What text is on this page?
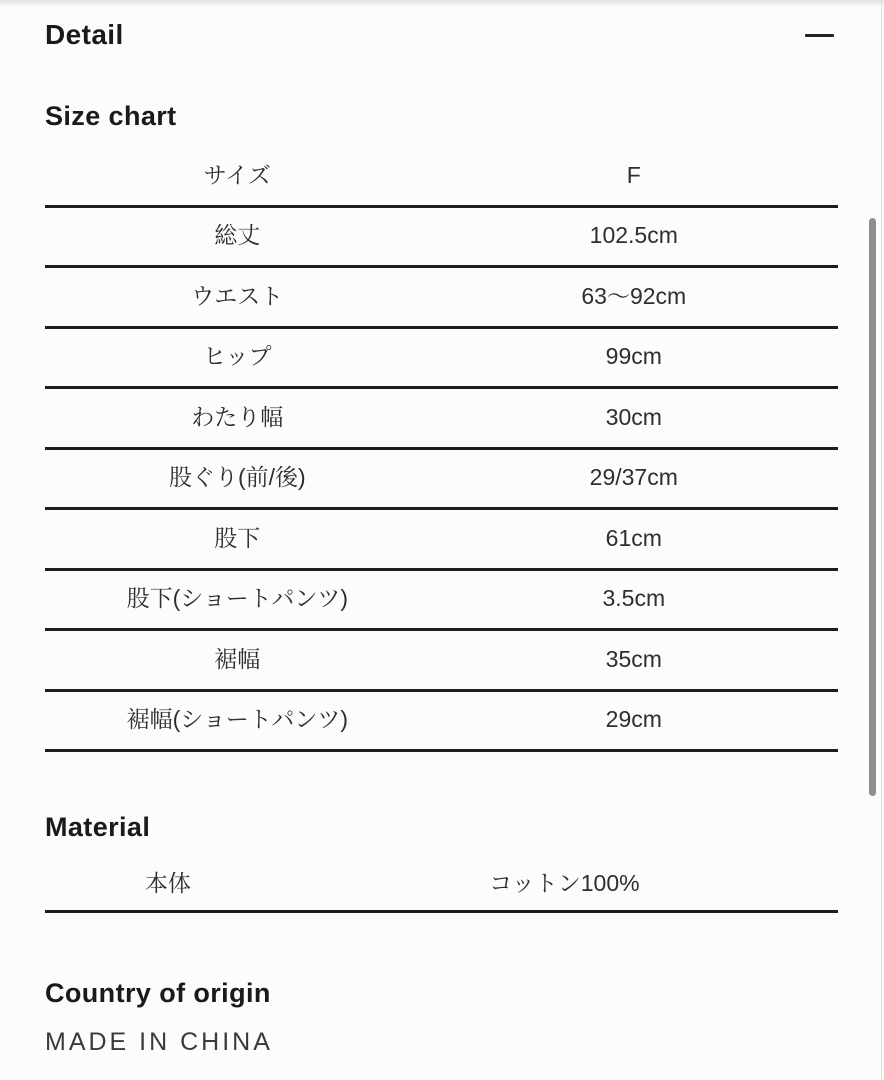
Detail
Size chart
サイズ	F
総丈	102.5cm
ウエスト	63〜92cm
ヒップ	99cm
わたり幅	30cm
股ぐり(前/後)	29/37cm
股下	61cm
股下(ショートパンツ)	3.5cm
裾幅	35cm
裾幅(ショートパンツ)	29cm
Material
本体	コットン100%
Country of origin
MADE IN CHINA
